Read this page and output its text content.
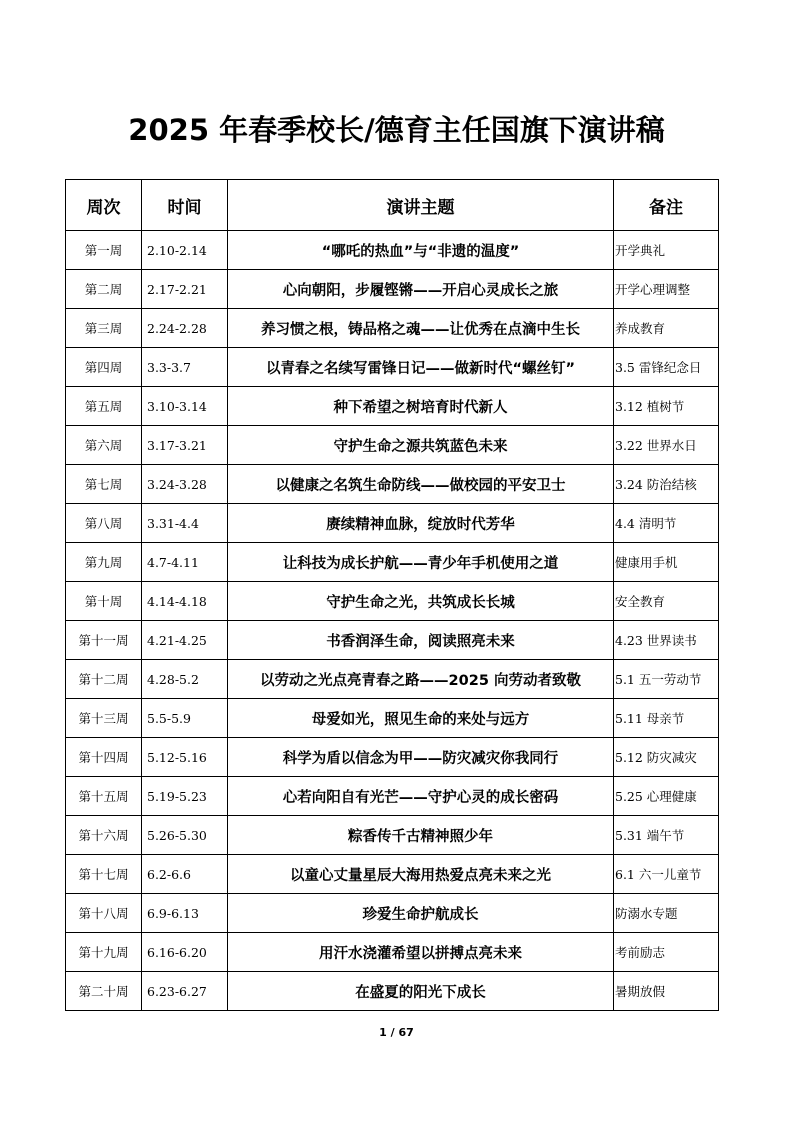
2025 年春季校长/德育主任国旗下演讲稿
周次	时间	演讲主题	备注
第一周	2.10-2.14	“哪吒的热血”与“非遗的温度”	开学典礼
第二周	2.17-2.21	心向朝阳，步履铿锵——开启心灵成长之旅	开学心理调整
第三周	2.24-2.28	养习惯之根，铸品格之魂——让优秀在点滴中生长	养成教育
第四周	3.3-3.7	以青春之名续写雷锋日记——做新时代“螺丝钉”	3.5 雷锋纪念日
第五周	3.10-3.14	种下希望之树培育时代新人	3.12 植树节
第六周	3.17-3.21	守护生命之源共筑蓝色未来	3.22 世界水日
第七周	3.24-3.28	以健康之名筑生命防线——做校园的平安卫士	3.24 防治结核
第八周	3.31-4.4	赓续精神血脉，绽放时代芳华	4.4 清明节
第九周	4.7-4.11	让科技为成长护航——青少年手机使用之道	健康用手机
第十周	4.14-4.18	守护生命之光，共筑成长长城	安全教育
第十一周	4.21-4.25	书香润泽生命，阅读照亮未来	4.23 世界读书
第十二周	4.28-5.2	以劳动之光点亮青春之路——2025 向劳动者致敬	5.1 五一劳动节
第十三周	5.5-5.9	母爱如光，照见生命的来处与远方	5.11 母亲节
第十四周	5.12-5.16	科学为盾以信念为甲——防灾减灾你我同行	5.12 防灾减灾
第十五周	5.19-5.23	心若向阳自有光芒——守护心灵的成长密码	5.25 心理健康
第十六周	5.26-5.30	粽香传千古精神照少年	5.31 端午节
第十七周	6.2-6.6	以童心丈量星辰大海用热爱点亮未来之光	6.1 六一儿童节
第十八周	6.9-6.13	珍爱生命护航成长	防溺水专题
第十九周	6.16-6.20	用汗水浇灌希望以拼搏点亮未来	考前励志
第二十周	6.23-6.27	在盛夏的阳光下成长	暑期放假
1 / 67
